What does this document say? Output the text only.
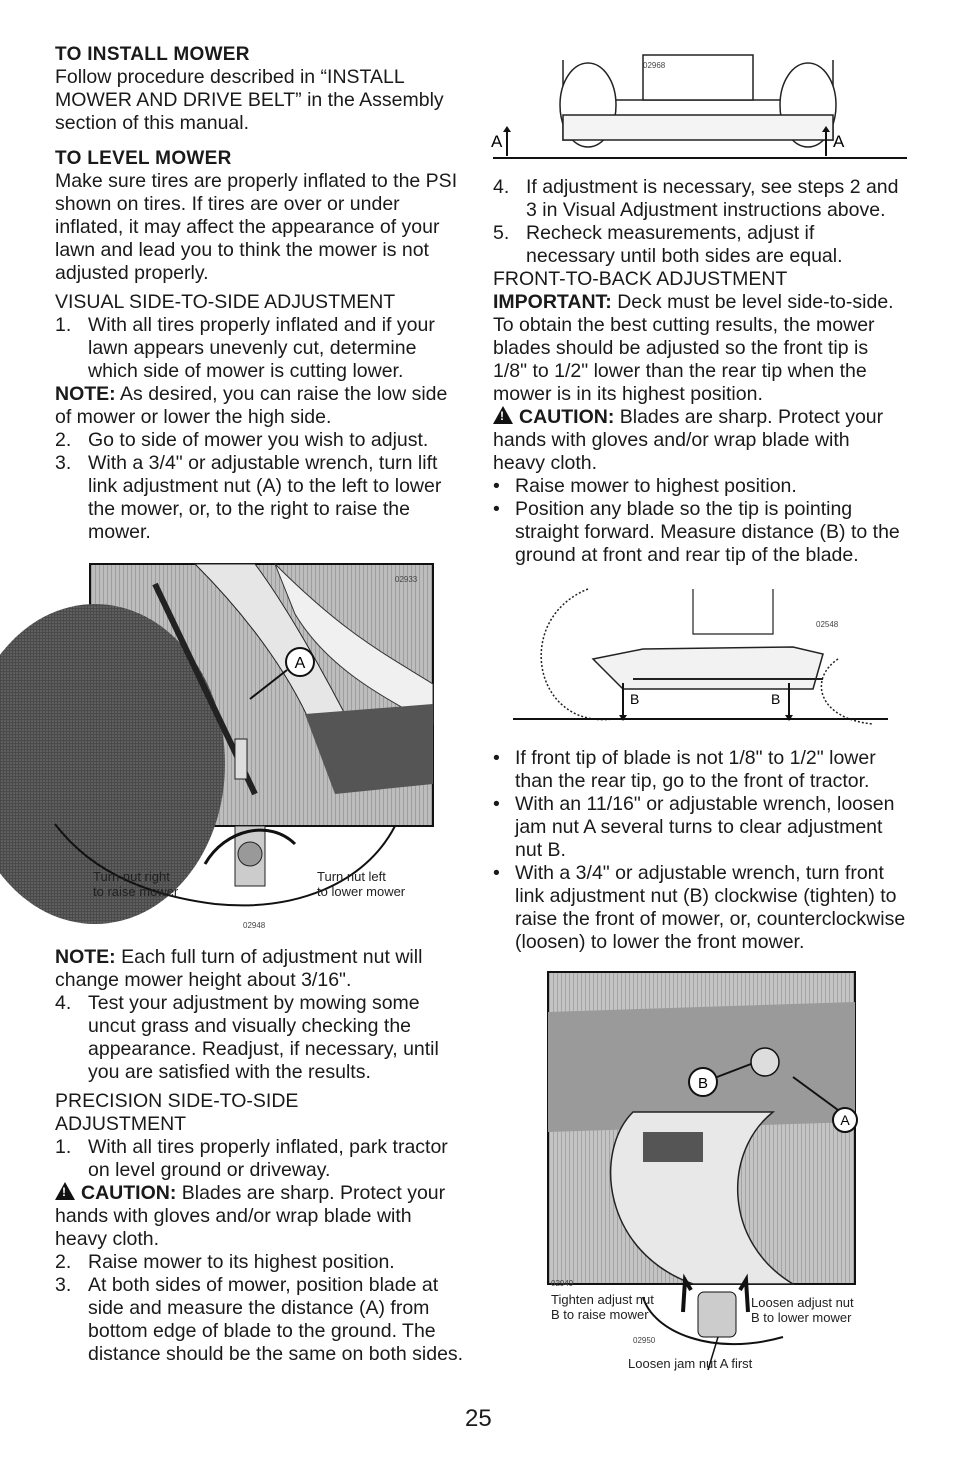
TO INSTALL MOWER

Follow procedure described in “INSTALL MOWER AND DRIVE BELT” in the Assembly section of this manual.

TO LEVEL MOWER

Make sure tires are properly inflated to the PSI shown on tires. If tires are over or under inflated, it may affect the appearance of your lawn and lead you to think the mower is not adjusted properly.

VISUAL SIDE-TO-SIDE ADJUSTMENT

1. With all tires properly inflated and if your lawn appears unevenly cut, determine which side of mower is cutting lower.

NOTE: As desired, you can raise the low side of mower or lower the high side.

2. Go to side of mower you wish to adjust.

3. With a 3/4" or adjustable wrench, turn lift link adjustment nut (A) to the left to lower the mower, or, to the right to raise the mower.

A
02933
Turn nut right
to raise mower
Turn nut left
to lower mower
02948

NOTE: Each full turn of adjustment nut will change mower height about 3/16".

4. Test your adjustment by mowing some uncut grass and visually checking the appearance. Readjust, if necessary, until you are satisfied with the results.

PRECISION SIDE-TO-SIDE
ADJUSTMENT

1. With all tires properly inflated, park tractor on level ground or driveway.

!CAUTION: Blades are sharp. Protect your hands with gloves and/or wrap blade with heavy cloth.

2. Raise mower to its highest position.

3. At both sides of mower, position blade at side and measure the distance (A) from bottom edge of blade to the ground. The distance should be the same on both sides.

A	A
02968

4. If adjustment is necessary, see steps 2 and 3 in Visual Adjustment instructions above.

5. Recheck measurements, adjust if necessary until both sides are equal.

FRONT-TO-BACK ADJUSTMENT

IMPORTANT: Deck must be level side-to-side.

To obtain the best cutting results, the mower blades should be adjusted so the front tip is 1/8" to 1/2" lower than the rear tip when the mower is in its highest position.

!CAUTION: Blades are sharp. Protect your hands with gloves and/or wrap blade with heavy cloth.

• Raise mower to highest position.

• Position any blade so the tip is pointing straight forward. Measure distance (B) to the ground at front and rear tip of the blade.

B	B
02548

• If front tip of blade is not 1/8" to 1/2" lower than the rear tip, go to the front of tractor.

• With an 11/16" or adjustable wrench, loosen jam nut A several turns to clear adjustment nut B.

• With a 3/4" or adjustable wrench, turn front link adjustment nut (B) clockwise (tighten) to raise the front of mower, or, counterclockwise (loosen) to lower the front mower.

B
A
02949
Tighten adjust nut
B to raise mower
Loosen adjust nut
B to lower mower
02950
Loosen jam nut A first
25
